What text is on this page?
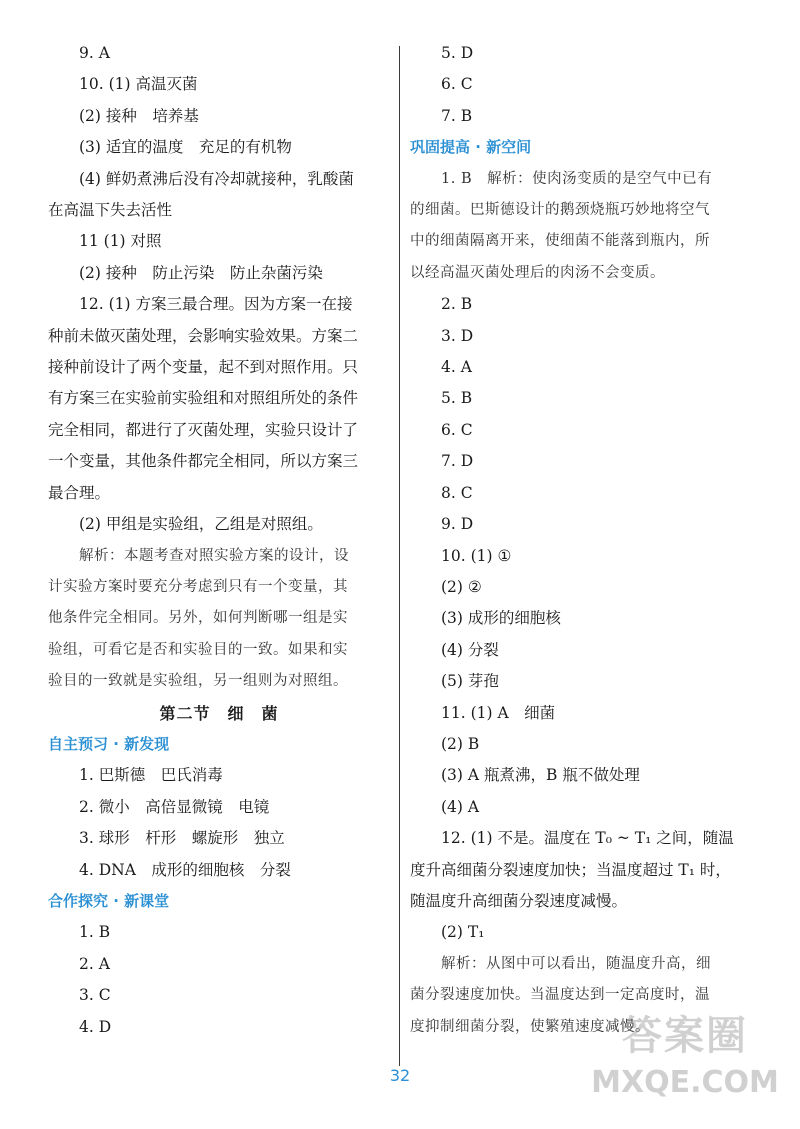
9. A
10. (1) 高温灭菌
(2) 接种　培养基
(3) 适宜的温度　充足的有机物
(4) 鲜奶煮沸后没有冷却就接种，乳酸菌
在高温下失去活性
11 (1) 对照
(2) 接种　防止污染　防止杂菌污染
12. (1) 方案三最合理。因为方案一在接
种前未做灭菌处理，会影响实验效果。方案二
接种前设计了两个变量，起不到对照作用。只
有方案三在实验前实验组和对照组所处的条件
完全相同，都进行了灭菌处理，实验只设计了
一个变量，其他条件都完全相同，所以方案三
最合理。
(2) 甲组是实验组，乙组是对照组。
解析：本题考查对照实验方案的设计，设
计实验方案时要充分考虑到只有一个变量，其
他条件完全相同。另外，如何判断哪一组是实
验组，可看它是否和实验目的一致。如果和实
验目的一致就是实验组，另一组则为对照组。
第二节　细　菌
自主预习 · 新发现
1. 巴斯德　巴氏消毒
2. 微小　高倍显微镜　电镜
3. 球形　杆形　螺旋形　独立
4. DNA　成形的细胞核　分裂
合作探究 · 新课堂
1. B
2. A
3. C
4. D
5. D
6. C
7. B
巩固提高 · 新空间
1. B　解析：使肉汤变质的是空气中已有
的细菌。巴斯德设计的鹅颈烧瓶巧妙地将空气
中的细菌隔离开来，使细菌不能落到瓶内，所
以经高温灭菌处理后的肉汤不会变质。
2. B
3. D
4. A
5. B
6. C
7. D
8. C
9. D
10. (1) ①
(2) ②
(3) 成形的细胞核
(4) 分裂
(5) 芽孢
11. (1) A　细菌
(2) B
(3) A 瓶煮沸，B 瓶不做处理
(4) A
12. (1) 不是。温度在 T₀ ~ T₁ 之间，随温
度升高细菌分裂速度加快；当温度超过 T₁ 时，
随温度升高细菌分裂速度减慢。
(2) T₁
解析：从图中可以看出，随温度升高，细
菌分裂速度加快。当温度达到一定高度时，温
度抑制细菌分裂，使繁殖速度减慢。
32
答案圈
MXQE.COM
